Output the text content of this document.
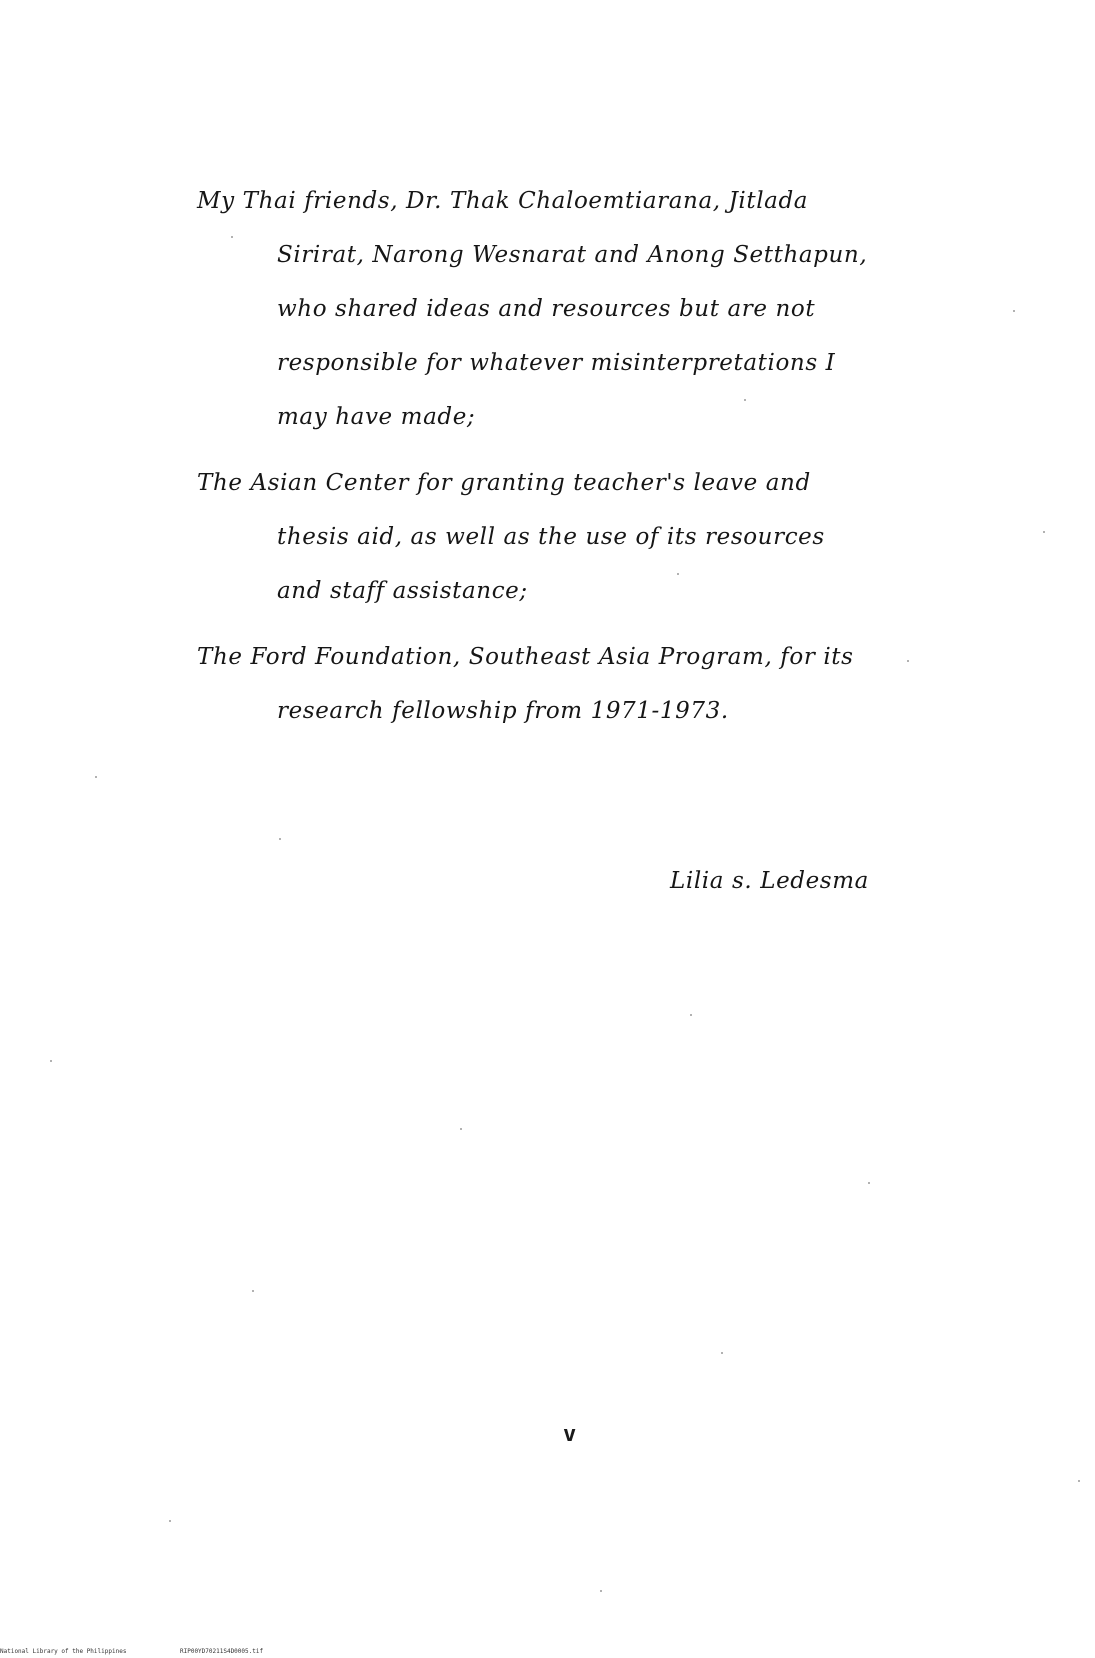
My Thai friends, Dr. Thak Chaloemtiarana, Jitlada
Sirirat, Narong Wesnarat and Anong Setthapun,
who shared ideas and resources but are not
responsible for whatever misinterpretations I
may have made;
The Asian Center for granting teacher's leave and
thesis aid, as well as the use of its resources
and staff assistance;
The Ford Foundation, Southeast Asia Program, for its
research fellowship from 1971-1973.
Lilia s. Ledesma
v
National Library of the Philippines	RIP00YD70211S4D0005.tif
